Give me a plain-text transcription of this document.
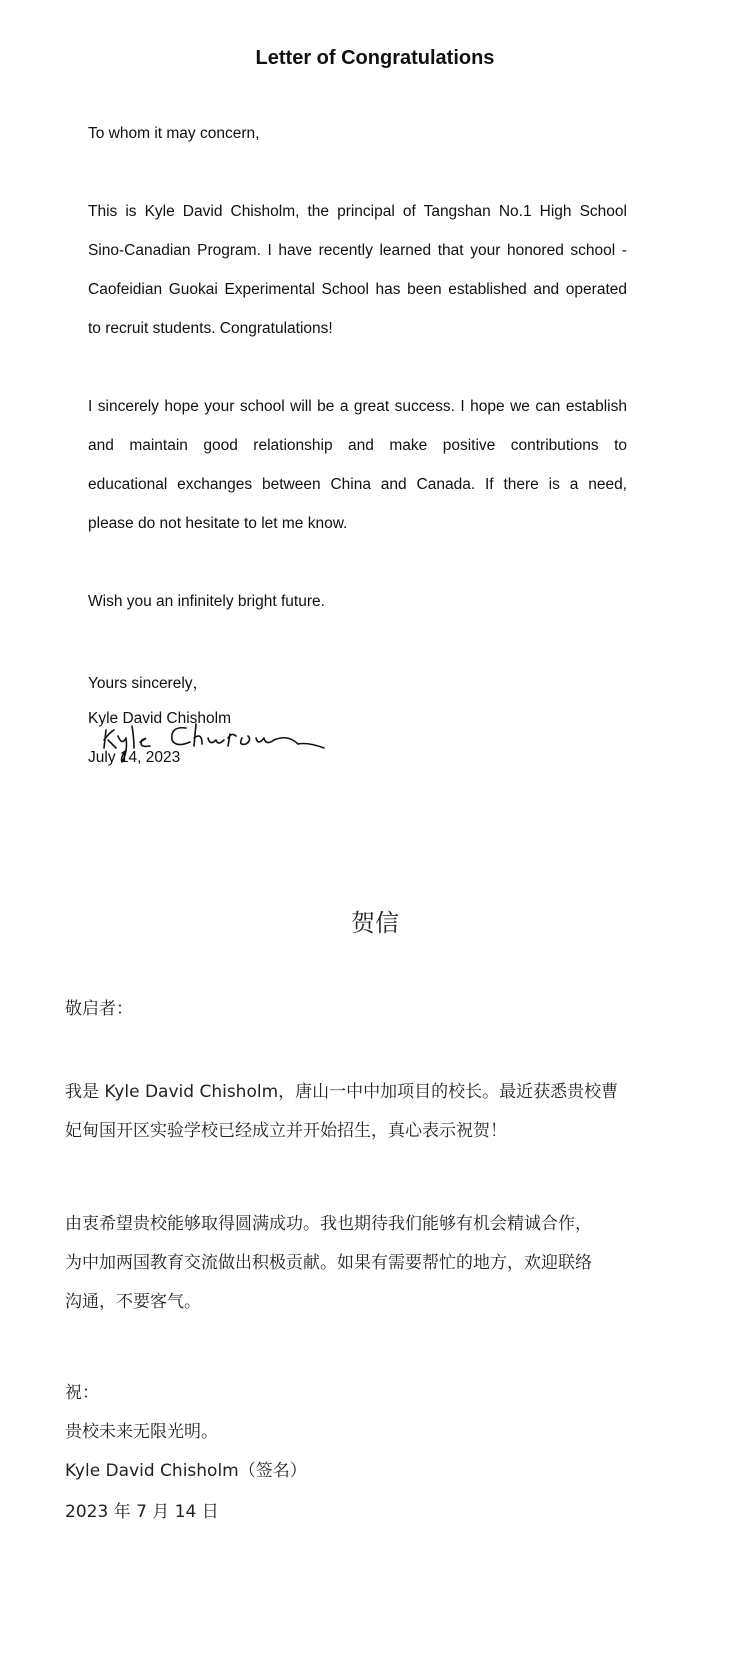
Letter of Congratulations
To whom it may concern,
This is Kyle David Chisholm, the principal of Tangshan No.1 High School
Sino-Canadian Program. I have recently learned that your honored school -
Caofeidian Guokai Experimental School has been established and operated
to recruit students. Congratulations!
I sincerely hope your school will be a great success. I hope we can establish
and maintain good relationship and make positive contributions to
educational exchanges between China and Canada. If there is a need,
please do not hesitate to let me know.
Wish you an infinitely bright future.
Yours sincerely，
Kyle David Chisholm
July 14, 2023
贺信
敬启者：
我是 Kyle David Chisholm，唐山一中中加项目的校长。最近获悉贵校曹
妃甸国开区实验学校已经成立并开始招生，真心表示祝贺！
由衷希望贵校能够取得圆满成功。我也期待我们能够有机会精诚合作，
为中加两国教育交流做出积极贡献。如果有需要帮忙的地方，欢迎联络
沟通，不要客气。
祝：
贵校未来无限光明。
Kyle David Chisholm（签名）
2023 年 7 月 14 日
